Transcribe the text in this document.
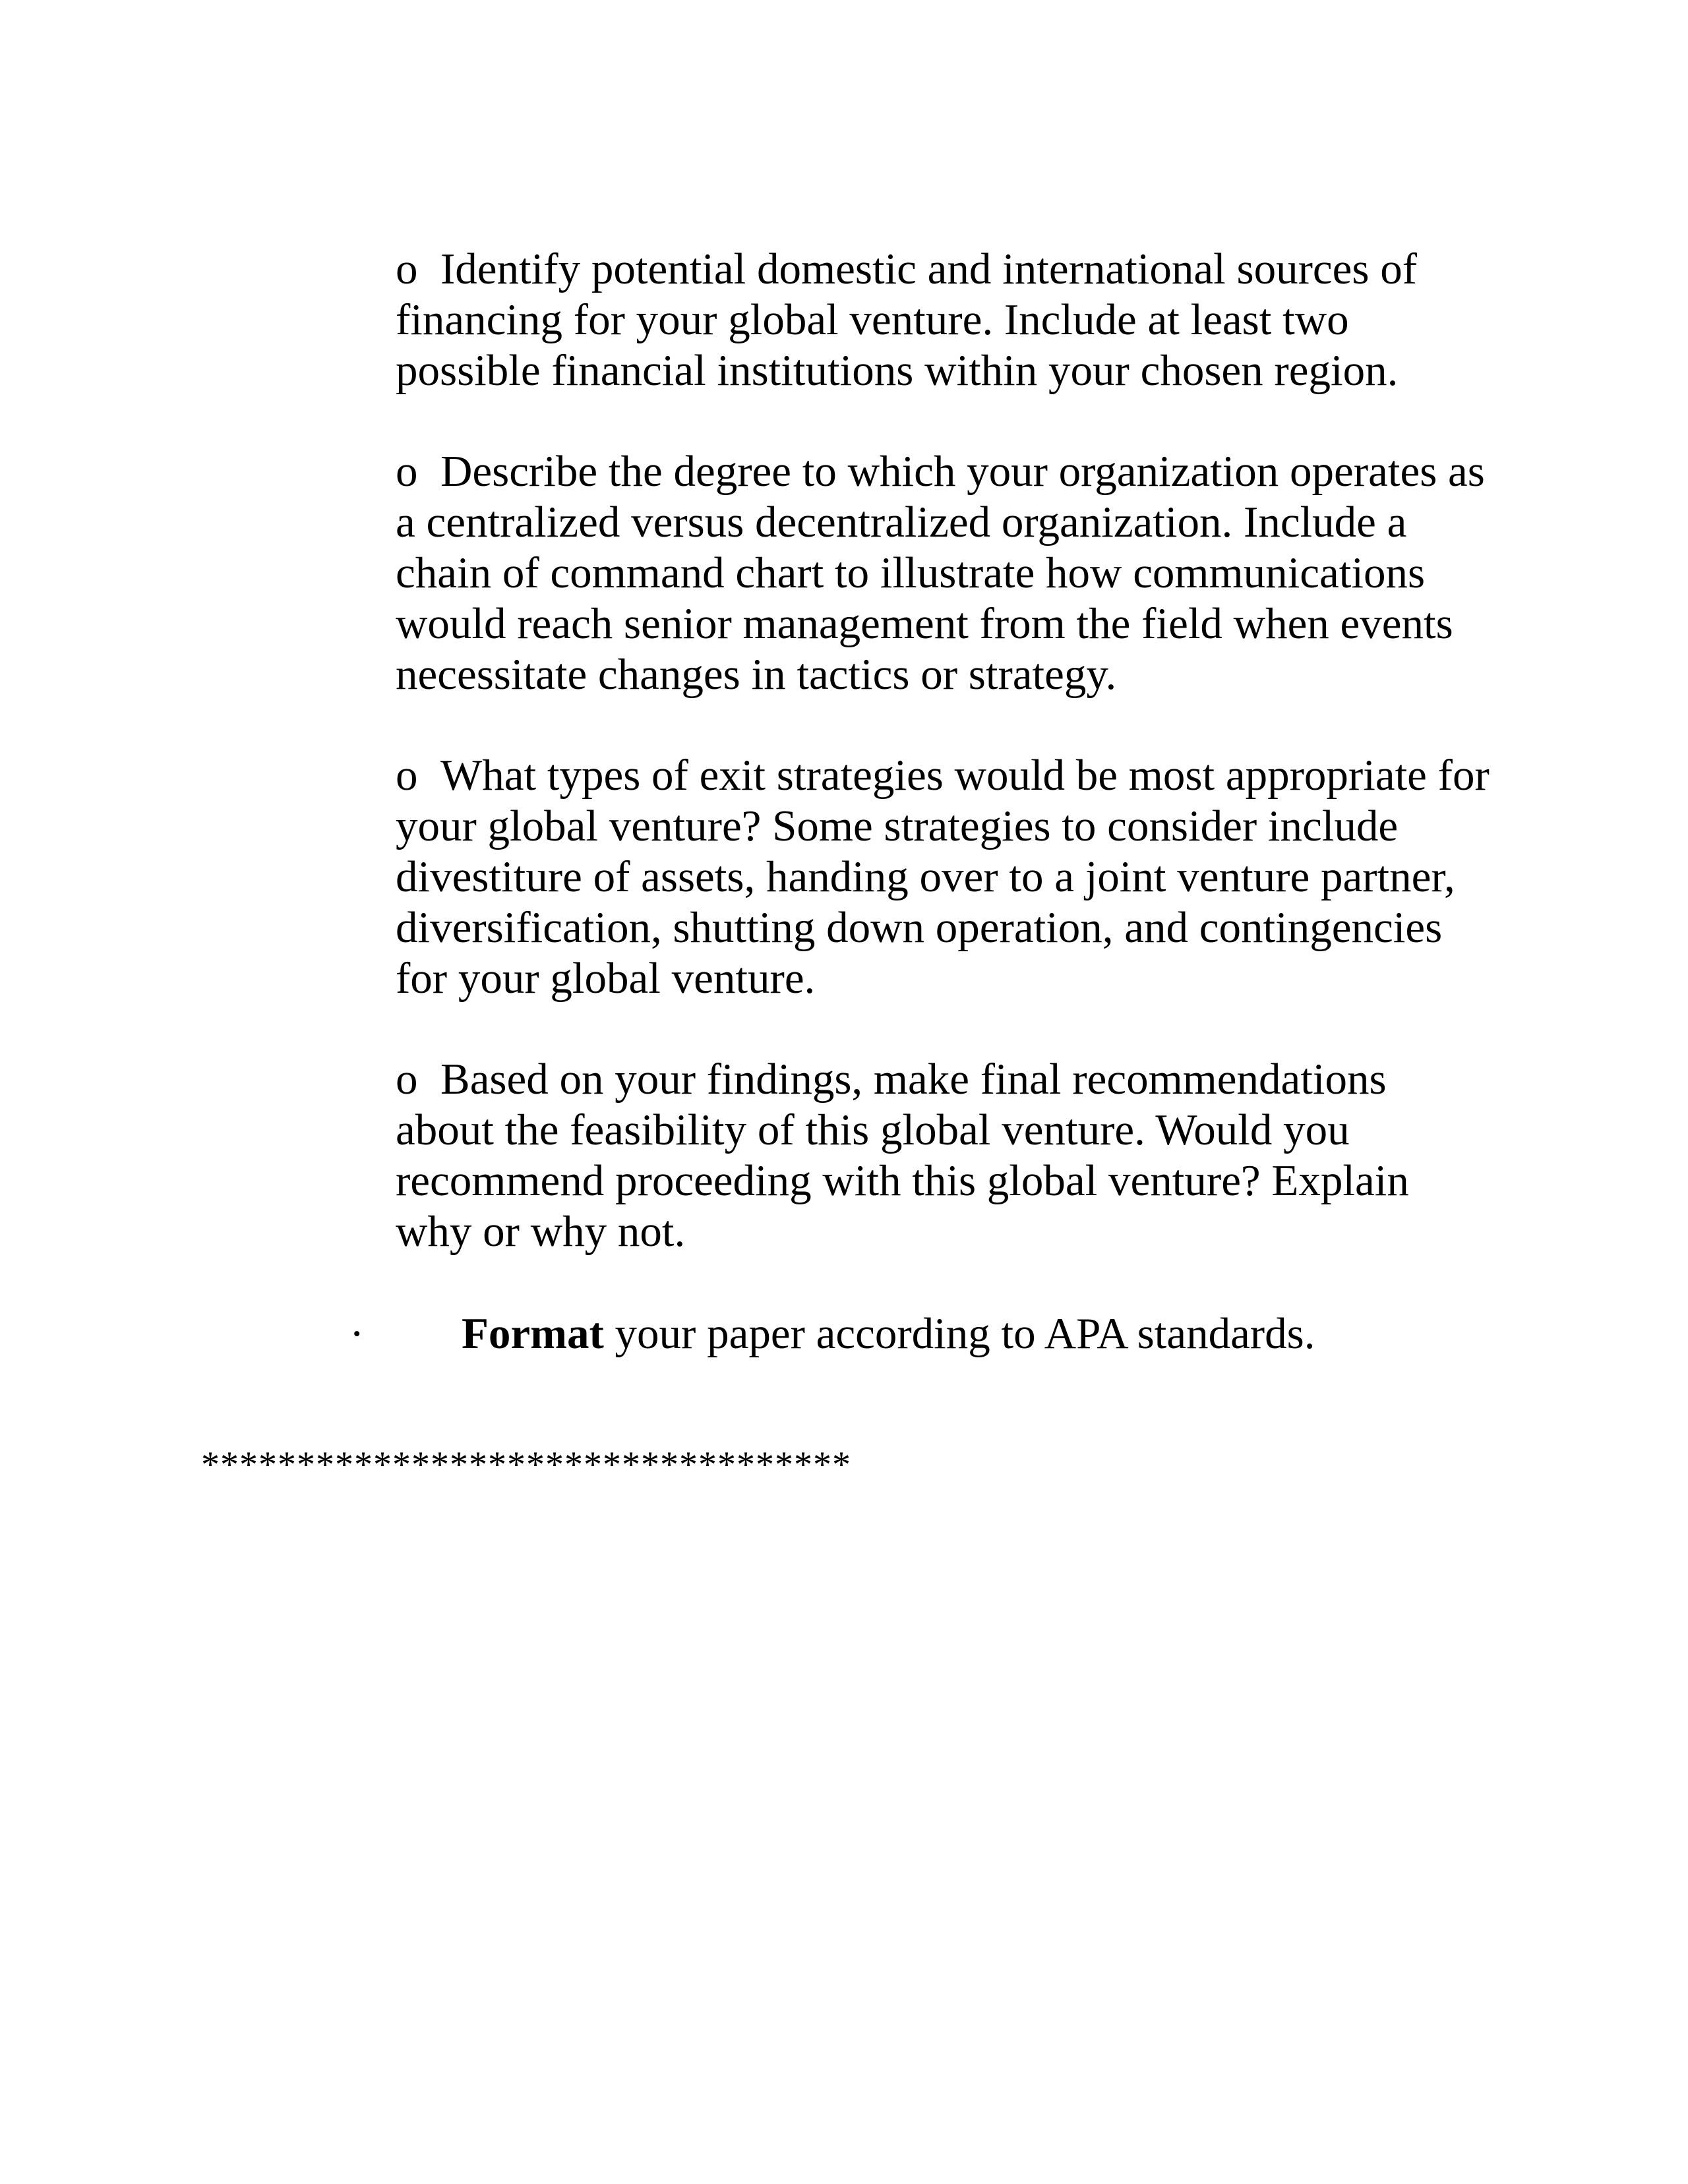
o Identify potential domestic and international sources of
financing for your global venture. Include at least two
possible financial institutions within your chosen region.
o Describe the degree to which your organization operates as
a centralized versus decentralized organization. Include a
chain of command chart to illustrate how communications
would reach senior management from the field when events
necessitate changes in tactics or strategy.
o What types of exit strategies would be most appropriate for
your global venture? Some strategies to consider include
divestiture of assets, handing over to a joint venture partner,
diversification, shutting down operation, and contingencies
for your global venture.
o Based on your findings, make final recommendations
about the feasibility of this global venture. Would you
recommend proceeding with this global venture? Explain
why or why not.
· Format your paper according to APA standards.
**********************************
